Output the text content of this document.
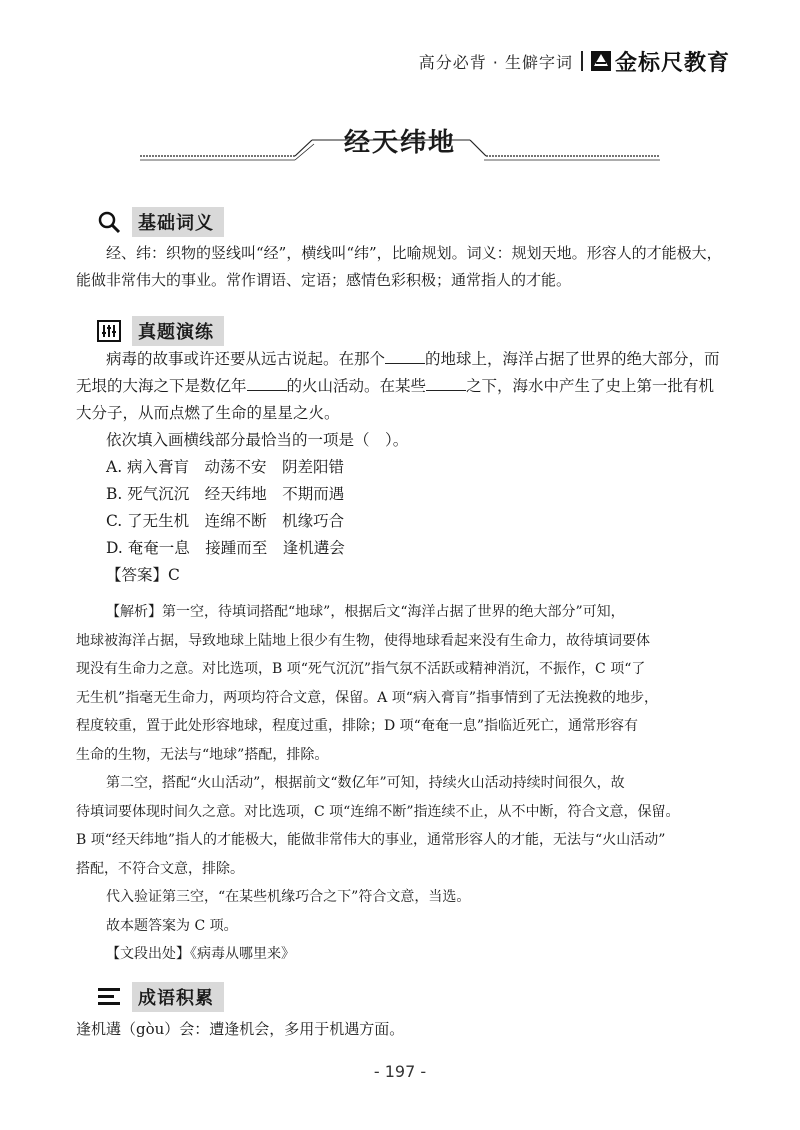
高分必背 · 生僻字词 金标尺教育
经天纬地
基础词义
经、纬：织物的竖线叫“经”，横线叫“纬”，比喻规划。词义：规划天地。形容人的才能极大，
能做非常伟大的事业。常作谓语、定语；感情色彩积极；通常指人的才能。
真题演练
病毒的故事或许还要从远古说起。在那个	的地球上，海洋占据了世界的绝大部分，而
无垠的大海之下是数亿年	的火山活动。在某些	之下，海水中产生了史上第一批有机
大分子，从而点燃了生命的星星之火。
依次填入画横线部分最恰当的一项是（　）。
A. 病入膏肓　动荡不安　阴差阳错
B. 死气沉沉　经天纬地　不期而遇
C. 了无生机　连绵不断　机缘巧合
D. 奄奄一息　接踵而至　逢机遘会
【答案】C
【解析】第一空，待填词搭配“地球”，根据后文“海洋占据了世界的绝大部分”可知，
地球被海洋占据，导致地球上陆地上很少有生物，使得地球看起来没有生命力，故待填词要体
现没有生命力之意。对比选项，B 项“死气沉沉”指气氛不活跃或精神消沉，不振作，C 项“了
无生机”指毫无生命力，两项均符合文意，保留。A 项“病入膏肓”指事情到了无法挽救的地步，
程度较重，置于此处形容地球，程度过重，排除；D 项“奄奄一息”指临近死亡，通常形容有
生命的生物，无法与“地球”搭配，排除。
第二空，搭配“火山活动”，根据前文“数亿年”可知，持续火山活动持续时间很久，故
待填词要体现时间久之意。对比选项，C 项“连绵不断”指连续不止，从不中断，符合文意，保留。
B 项“经天纬地”指人的才能极大，能做非常伟大的事业，通常形容人的才能，无法与“火山活动”
搭配，不符合文意，排除。
代入验证第三空，“在某些机缘巧合之下”符合文意，当选。
故本题答案为 C 项。
【文段出处】《病毒从哪里来》
成语积累
逢机遘（gòu）会：遭逢机会，多用于机遇方面。
- 197 -
